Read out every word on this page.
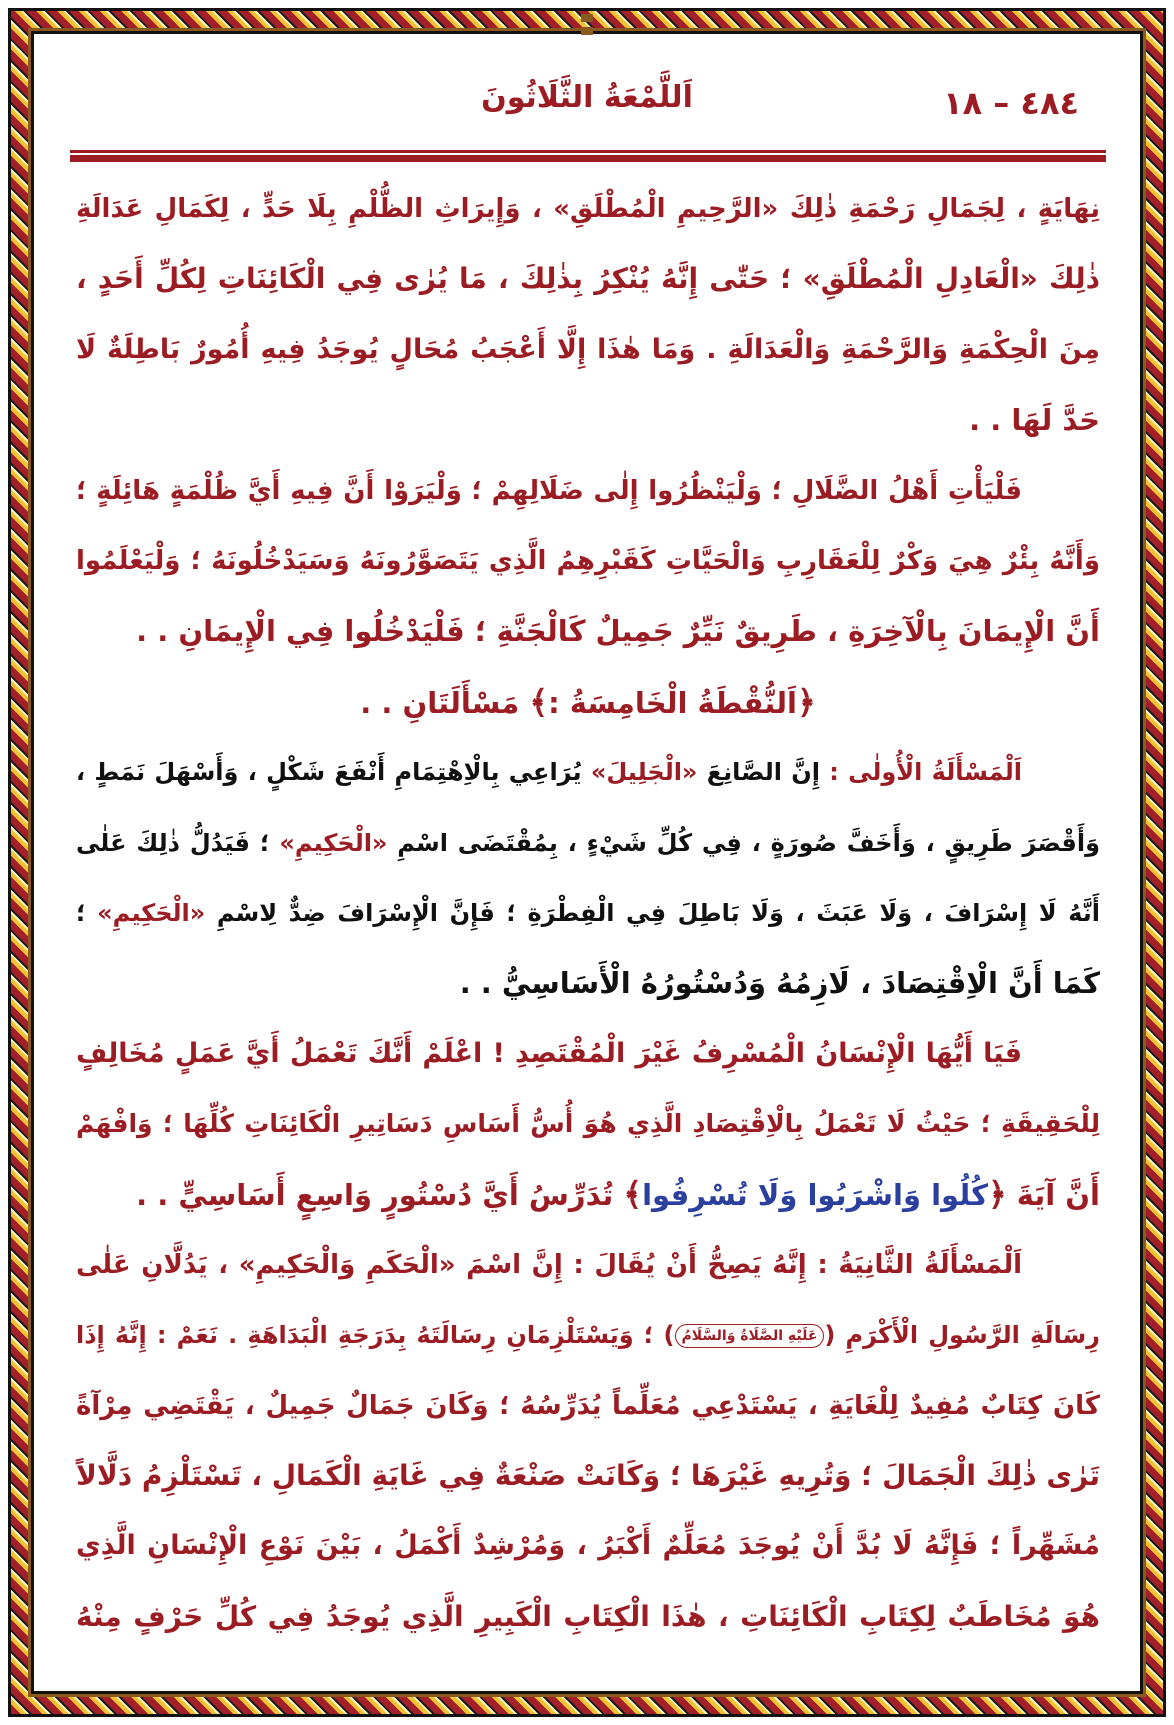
٤٨٤ – ١٨
اَللَّمْعَةُ الثَّلَاثُونَ
نِهَايَةٍ ، لِجَمَالِ رَحْمَةِ ذٰلِكَ «الرَّحِيمِ الْمُطْلَقِ» ، وَإِيرَاثِ الظُّلْمِ بِلَا حَدٍّ ، لِكَمَالِ عَدَالَةِ
ذٰلِكَ «الْعَادِلِ الْمُطْلَقِ» ؛ حَتّٰى إِنَّهُ يُنْكِرُ بِذٰلِكَ ، مَا يُرٰى فِي الْكَائِنَاتِ لِكُلِّ أَحَدٍ ،
مِنَ الْحِكْمَةِ وَالرَّحْمَةِ وَالْعَدَالَةِ . وَمَا هٰذَا إِلَّا أَعْجَبُ مُحَالٍ يُوجَدُ فِيهِ أُمُورٌ بَاطِلَةٌ لَا
حَدَّ لَهَا . .
فَلْيَأْتِ أَهْلُ الضَّلَالِ ؛ وَلْيَنْظُرُوا إِلٰى ضَلَالِهِمْ ؛ وَلْيَرَوْا أَنَّ فِيهِ أَيَّ ظُلْمَةٍ هَائِلَةٍ ؛
وَأَنَّهُ بِئْرٌ هِيَ وَكْرٌ لِلْعَقَارِبِ وَالْحَيَّاتِ كَقَبْرِهِمُ الَّذِي يَتَصَوَّرُونَهُ وَسَيَدْخُلُونَهُ ؛ وَلْيَعْلَمُوا
أَنَّ الْإِيمَانَ بِالْآخِرَةِ ، طَرِيقٌ نَيِّرٌ جَمِيلٌ كَالْجَنَّةِ ؛ فَلْيَدْخُلُوا فِي الْإِيمَانِ . .
﴿اَلنُّقْطَةُ الْخَامِسَةُ :﴾ مَسْأَلَتَانِ . .
اَلْمَسْأَلَةُ الْأُولٰى : إِنَّ الصَّانِعَ «الْجَلِيلَ» يُرَاعِي بِالْاِهْتِمَامِ أَنْفَعَ شَكْلٍ ، وَأَسْهَلَ نَمَطٍ ،
وَأَقْصَرَ طَرِيقٍ ، وَأَخَفَّ صُورَةٍ ، فِي كُلِّ شَيْءٍ ، بِمُقْتَضَى اسْمِ «الْحَكِيمِ» ؛ فَيَدُلُّ ذٰلِكَ عَلٰى
أَنَّهُ لَا إِسْرَافَ ، وَلَا عَبَثَ ، وَلَا بَاطِلَ فِي الْفِطْرَةِ ؛ فَإِنَّ الْإِسْرَافَ ضِدٌّ لِاسْمِ «الْحَكِيمِ» ؛
كَمَا أَنَّ الْاِقْتِصَادَ ، لَازِمُهُ وَدُسْتُورُهُ الْأَسَاسِيُّ . .
فَيَا أَيُّهَا الْإِنْسَانُ الْمُسْرِفُ غَيْرَ الْمُقْتَصِدِ ! اعْلَمْ أَنَّكَ تَعْمَلُ أَيَّ عَمَلٍ مُخَالِفٍ
لِلْحَقِيقَةِ ؛ حَيْثُ لَا تَعْمَلُ بِالْاِقْتِصَادِ الَّذِي هُوَ أُسُّ أَسَاسِ دَسَاتِيرِ الْكَائِنَاتِ كُلِّهَا ؛ وَافْهَمْ
أَنَّ آيَةَ ﴿كُلُوا وَاشْرَبُوا وَلَا تُسْرِفُوا﴾ تُدَرِّسُ أَيَّ دُسْتُورٍ وَاسِعٍ أَسَاسِيٍّ . .
اَلْمَسْأَلَةُ الثَّانِيَةُ : إِنَّهُ يَصِحُّ أَنْ يُقَالَ : إِنَّ اسْمَ «الْحَكَمِ وَالْحَكِيمِ» ، يَدُلَّانِ عَلٰى
رِسَالَةِ الرَّسُولِ الْأَكْرَمِ (عَلَيْهِ الصَّلَاةُ وَالسَّلَامُ) ؛ وَيَسْتَلْزِمَانِ رِسَالَتَهُ بِدَرَجَةِ الْبَدَاهَةِ . نَعَمْ : إِنَّهُ إِذَا
كَانَ كِتَابٌ مُفِيدٌ لِلْغَايَةِ ، يَسْتَدْعِي مُعَلِّماً يُدَرِّسُهُ ؛ وَكَانَ جَمَالٌ جَمِيلٌ ، يَقْتَضِي مِرْآةً
تَرٰى ذٰلِكَ الْجَمَالَ ؛ وَتُرِيهِ غَيْرَهَا ؛ وَكَانَتْ صَنْعَةٌ فِي غَايَةِ الْكَمَالِ ، تَسْتَلْزِمُ دَلَّالاً
مُشَهِّراً ؛ فَإِنَّهُ لَا بُدَّ أَنْ يُوجَدَ مُعَلِّمٌ أَكْبَرُ ، وَمُرْشِدٌ أَكْمَلُ ، بَيْنَ نَوْعِ الْإِنْسَانِ الَّذِي
هُوَ مُخَاطَبٌ لِكِتَابِ الْكَائِنَاتِ ، هٰذَا الْكِتَابِ الْكَبِيرِ الَّذِي يُوجَدُ فِي كُلِّ حَرْفٍ مِنْهُ
